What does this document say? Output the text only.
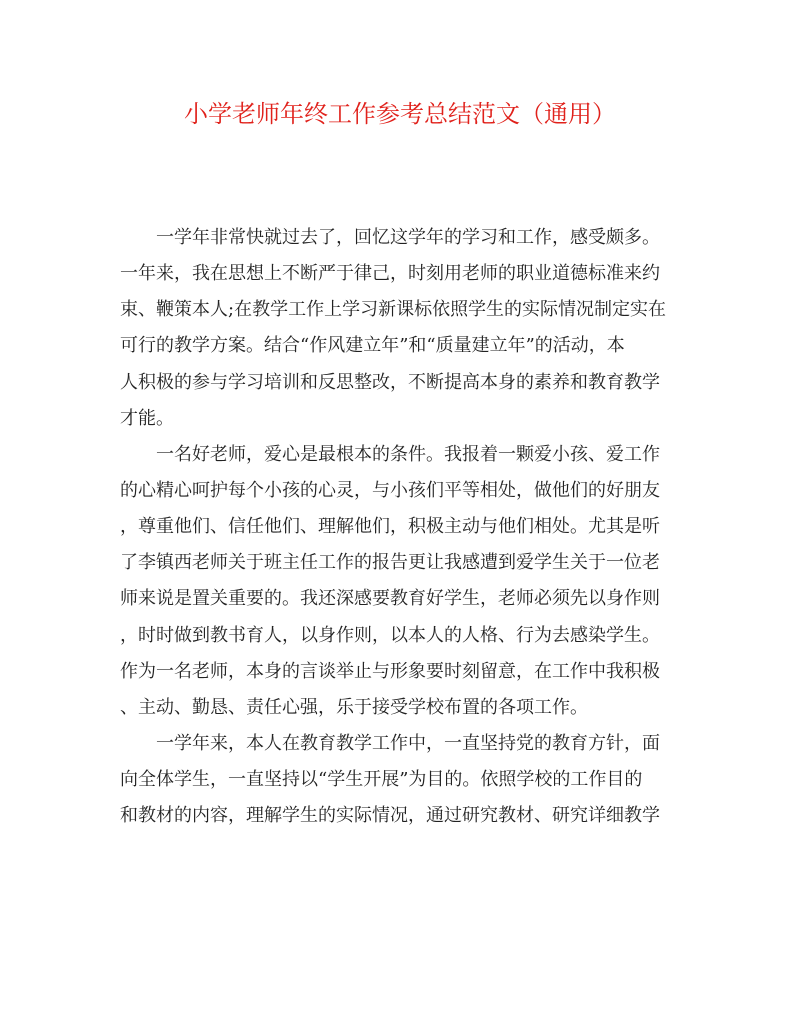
小学老师年终工作参考总结范文（通用）
一学年非常快就过去了，回忆这学年的学习和工作，感受颇多。
一年来，我在思想上不断严于律己，时刻用老师的职业道德标准来约
束、鞭策本人;在教学工作上学习新课标依照学生的实际情况制定实在
可行的教学方案。结合“作风建立年”和“质量建立年”的活动，本
人积极的参与学习培训和反思整改，不断提高本身的素养和教育教学
才能。
一名好老师，爱心是最根本的条件。我报着一颗爱小孩、爱工作
的心精心呵护每个小孩的心灵，与小孩们平等相处，做他们的好朋友
，尊重他们、信任他们、理解他们，积极主动与他们相处。尤其是听
了李镇西老师关于班主任工作的报告更让我感遭到爱学生关于一位老
师来说是置关重要的。我还深感要教育好学生，老师必须先以身作则
，时时做到教书育人，以身作则，以本人的人格、行为去感染学生。
作为一名老师，本身的言谈举止与形象要时刻留意，在工作中我积极
、主动、勤恳、责任心强，乐于接受学校布置的各项工作。
一学年来，本人在教育教学工作中，一直坚持党的教育方针，面
向全体学生，一直坚持以“学生开展”为目的。依照学校的工作目的
和教材的内容，理解学生的实际情况，通过研究教材、研究详细教学
